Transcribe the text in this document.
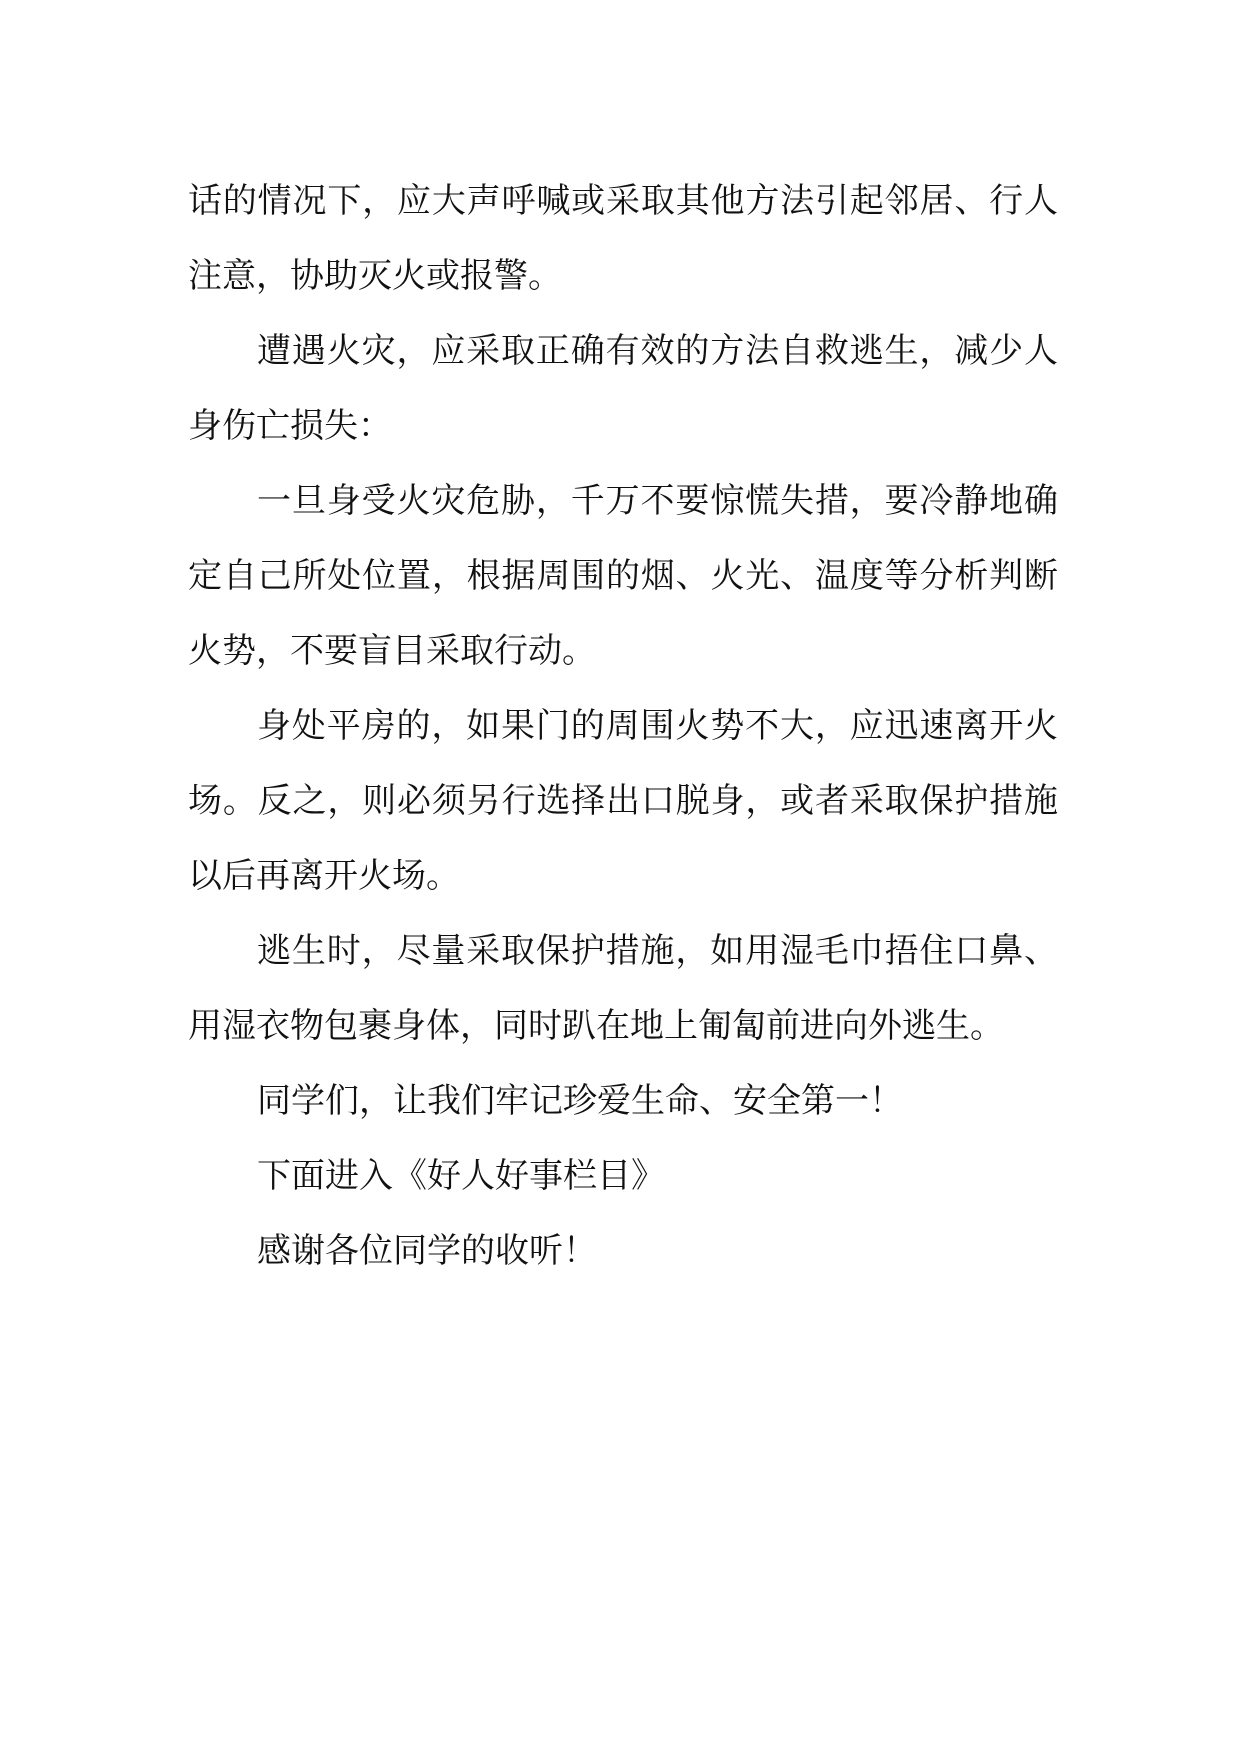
话的情况下，应大声呼喊或采取其他方法引起邻居、行人
注意，协助灭火或报警。
遭遇火灾，应采取正确有效的方法自救逃生，减少人
身伤亡损失：
一旦身受火灾危胁，千万不要惊慌失措，要冷静地确
定自己所处位置，根据周围的烟、火光、温度等分析判断
火势，不要盲目采取行动。
身处平房的，如果门的周围火势不大，应迅速离开火
场。反之，则必须另行选择出口脱身，或者采取保护措施
以后再离开火场。
逃生时，尽量采取保护措施，如用湿毛巾捂住口鼻、
用湿衣物包裹身体，同时趴在地上匍匐前进向外逃生。
同学们，让我们牢记珍爱生命、安全第一！
下面进入《好人好事栏目》
感谢各位同学的收听！
